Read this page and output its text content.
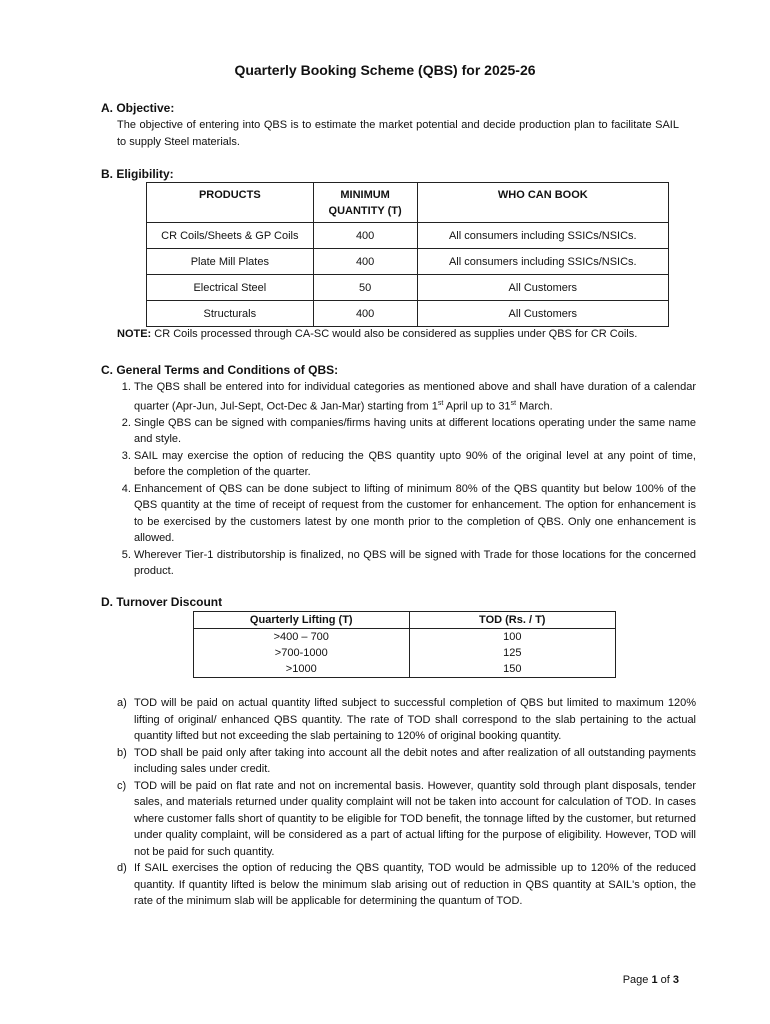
Quarterly Booking Scheme (QBS) for 2025-26
A. Objective:
The objective of entering into QBS is to estimate the market potential and decide production plan to facilitate SAIL to supply Steel materials.
B. Eligibility:
PRODUCTS	MINIMUM QUANTITY (T)	WHO CAN BOOK
CR Coils/Sheets & GP Coils	400	All consumers including SSICs/NSICs.
Plate Mill Plates	400	All consumers including SSICs/NSICs.
Electrical Steel	50	All Customers
Structurals	400	All Customers
NOTE: CR Coils processed through CA-SC would also be considered as supplies under QBS for CR Coils.
C. General Terms and Conditions of QBS:
1. The QBS shall be entered into for individual categories as mentioned above and shall have duration of a calendar quarter (Apr-Jun, Jul-Sept, Oct-Dec & Jan-Mar) starting from 1st April up to 31st March.
2. Single QBS can be signed with companies/firms having units at different locations operating under the same name and style.
3. SAIL may exercise the option of reducing the QBS quantity upto 90% of the original level at any point of time, before the completion of the quarter.
4. Enhancement of QBS can be done subject to lifting of minimum 80% of the QBS quantity but below 100% of the QBS quantity at the time of receipt of request from the customer for enhancement. The option for enhancement is to be exercised by the customers latest by one month prior to the completion of QBS. Only one enhancement is allowed.
5. Wherever Tier-1 distributorship is finalized, no QBS will be signed with Trade for those locations for the concerned product.
D. Turnover Discount
Quarterly Lifting (T)	TOD (Rs. / T)
>400 – 700	100
>700-1000	125
>1000	150
a) TOD will be paid on actual quantity lifted subject to successful completion of QBS but limited to maximum 120% lifting of original/ enhanced QBS quantity. The rate of TOD shall correspond to the slab pertaining to the actual quantity lifted but not exceeding the slab pertaining to 120% of original booking quantity.
b) TOD shall be paid only after taking into account all the debit notes and after realization of all outstanding payments including sales under credit.
c) TOD will be paid on flat rate and not on incremental basis. However, quantity sold through plant disposals, tender sales, and materials returned under quality complaint will not be taken into account for calculation of TOD. In cases where customer falls short of quantity to be eligible for TOD benefit, the tonnage lifted by the customer, but returned under quality complaint, will be considered as a part of actual lifting for the purpose of eligibility. However, TOD will not be paid for such quantity.
d) If SAIL exercises the option of reducing the QBS quantity, TOD would be admissible up to 120% of the reduced quantity. If quantity lifted is below the minimum slab arising out of reduction in QBS quantity at SAIL's option, the rate of the minimum slab will be applicable for determining the quantum of TOD.
Page 1 of 3
